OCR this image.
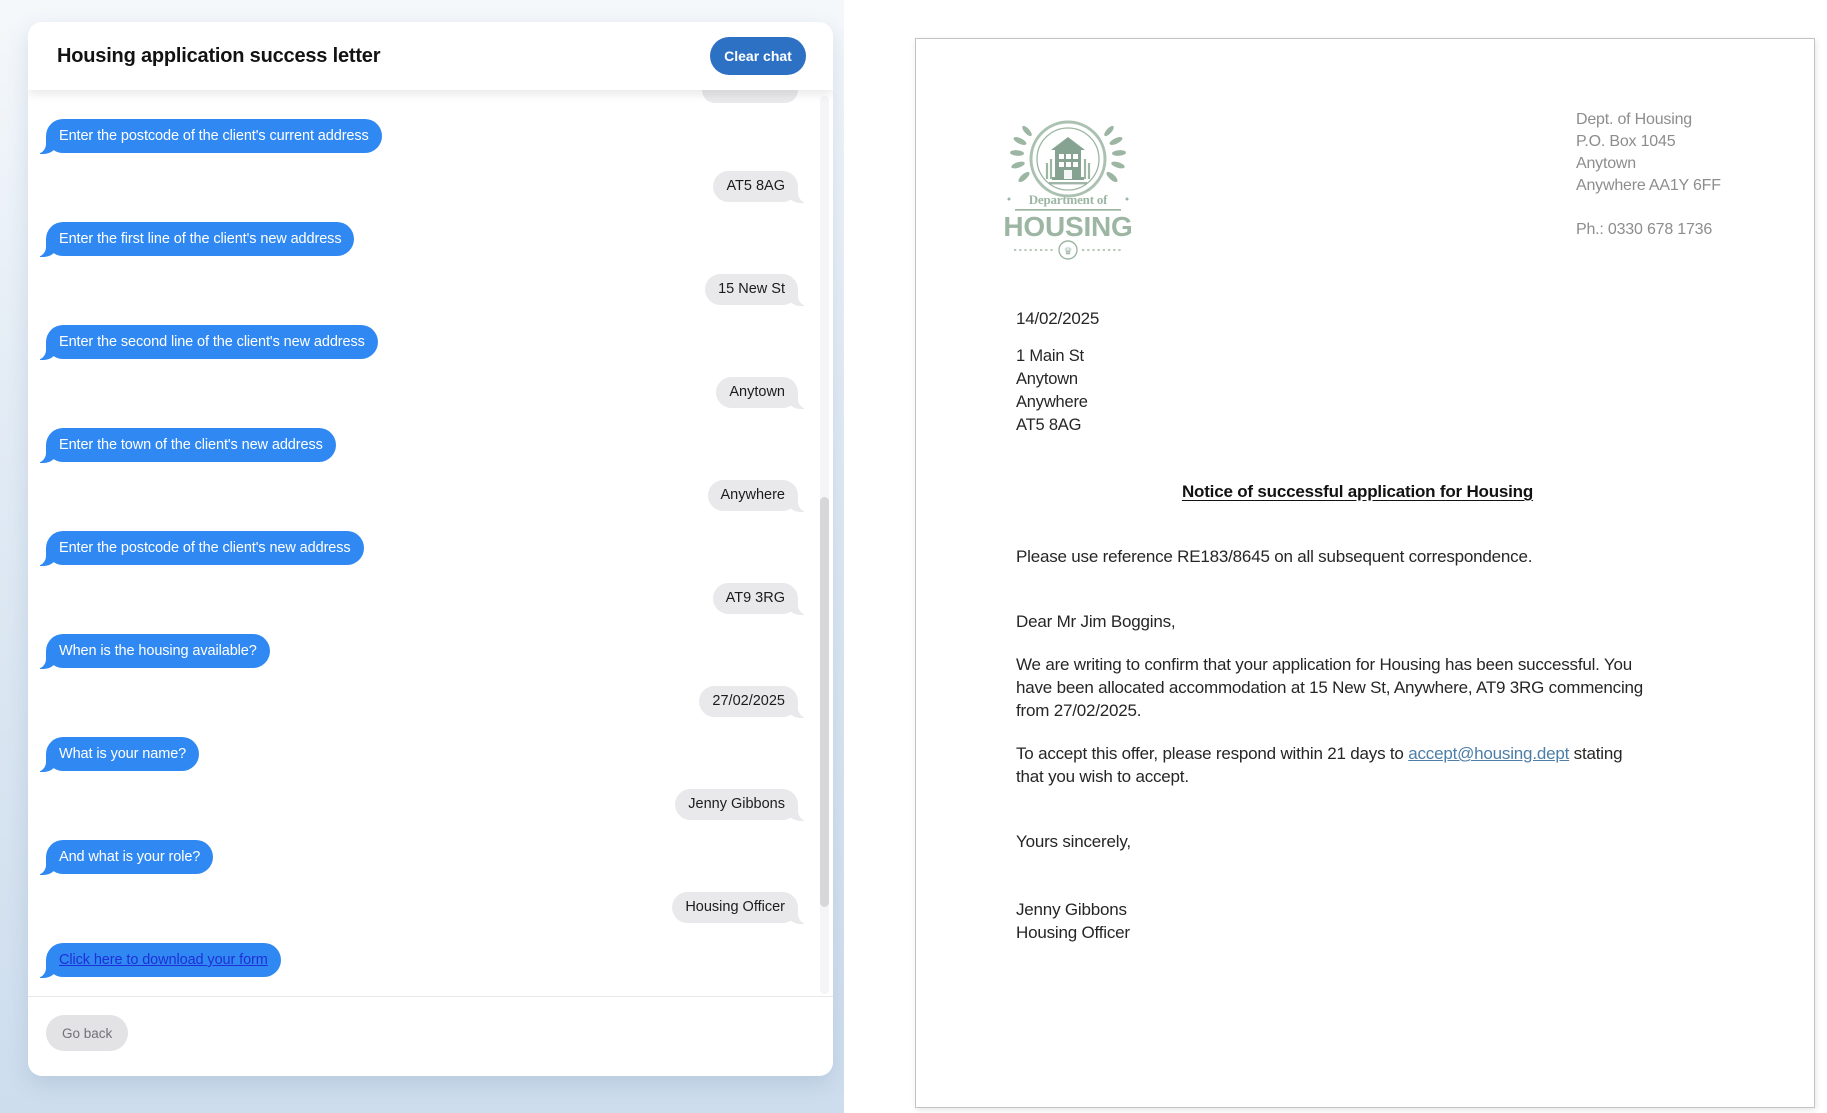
Housing application success letter	Clear chat
Enter the postcode of the client's current address
AT5 8AG
Enter the first line of the client's new address
15 New St
Enter the second line of the client's new address
Anytown
Enter the town of the client's new address
Anywhere
Enter the postcode of the client's new address
AT9 3RG
When is the housing available?
27/02/2025
What is your name?
Jenny Gibbons
And what is your role?
Housing Officer
Click here to download your form
Go back
Department of
HOUSING
♛
Dept. of Housing
P.O. Box 1045
Anytown
Anywhere AA1Y 6FF
Ph.: 0330 678 1736
14/02/2025
1 Main St
Anytown
Anywhere
AT5 8AG
Notice of successful application for Housing
Please use reference RE183/8645 on all subsequent correspondence.
Dear Mr Jim Boggins,
We are writing to confirm that your application for Housing has been successful. You
have been allocated accommodation at 15 New St, Anywhere, AT9 3RG commencing
from 27/02/2025.
To accept this offer, please respond within 21 days to accept@housing.dept stating
that you wish to accept.
Yours sincerely,
Jenny Gibbons
Housing Officer
